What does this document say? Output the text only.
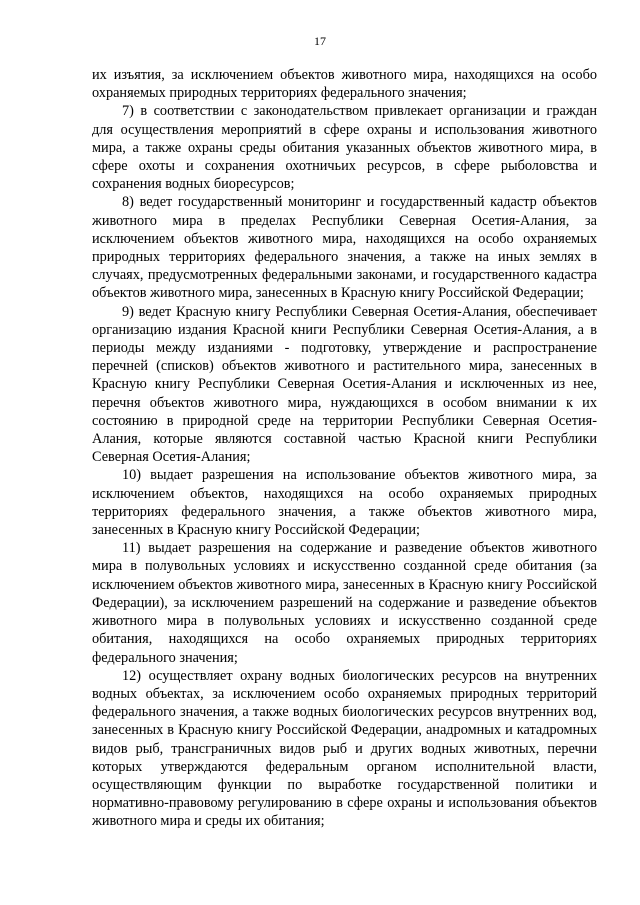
17

их изъятия, за исключением объектов животного мира, находящихся на особо охраняемых природных территориях федерального значения;

7) в соответствии с законодательством привлекает организации и граждан для осуществления мероприятий в сфере охраны и использования животного мира, а также охраны среды обитания указанных объектов животного мира, в сфере охоты и сохранения охотничьих ресурсов, в сфере рыболовства и сохранения водных биоресурсов;

8) ведет государственный мониторинг и государственный кадастр объектов животного мира в пределах Республики Северная Осетия-Алания, за исключением объектов животного мира, находящихся на особо охраняемых природных территориях федерального значения, а также на иных землях в случаях, предусмотренных федеральными законами, и государственного кадастра объектов животного мира, занесенных в Красную книгу Российской Федерации;

9) ведет Красную книгу Республики Северная Осетия-Алания, обеспечивает организацию издания Красной книги Республики Северная Осетия-Алания, а в периоды между изданиями - подготовку, утверждение и распространение перечней (списков) объектов животного и растительного мира, занесенных в Красную книгу Республики Северная Осетия-Алания и исключенных из нее, перечня объектов животного мира, нуждающихся в особом внимании к их состоянию в природной среде на территории Республики Северная Осетия-Алания, которые являются составной частью Красной книги Республики Северная Осетия-Алания;

10) выдает разрешения на использование объектов животного мира, за исключением объектов, находящихся на особо охраняемых природных территориях федерального значения, а также объектов животного мира, занесенных в Красную книгу Российской Федерации;

11) выдает разрешения на содержание и разведение объектов животного мира в полувольных условиях и искусственно созданной среде обитания (за исключением объектов животного мира, занесенных в Красную книгу Российской Федерации), за исключением разрешений на содержание и разведение объектов животного мира в полувольных условиях и искусственно созданной среде обитания, находящихся на особо охраняемых природных территориях федерального значения;

12) осуществляет охрану водных биологических ресурсов на внутренних водных объектах, за исключением особо охраняемых природных территорий федерального значения, а также водных биологических ресурсов внутренних вод, занесенных в Красную книгу Российской Федерации, анадромных и катадромных видов рыб, трансграничных видов рыб и других водных животных, перечни которых утверждаются федеральным органом исполнительной власти, осуществляющим функции по выработке государственной политики и нормативно-правовому регулированию в сфере охраны и использования объектов животного мира и среды их обитания;
